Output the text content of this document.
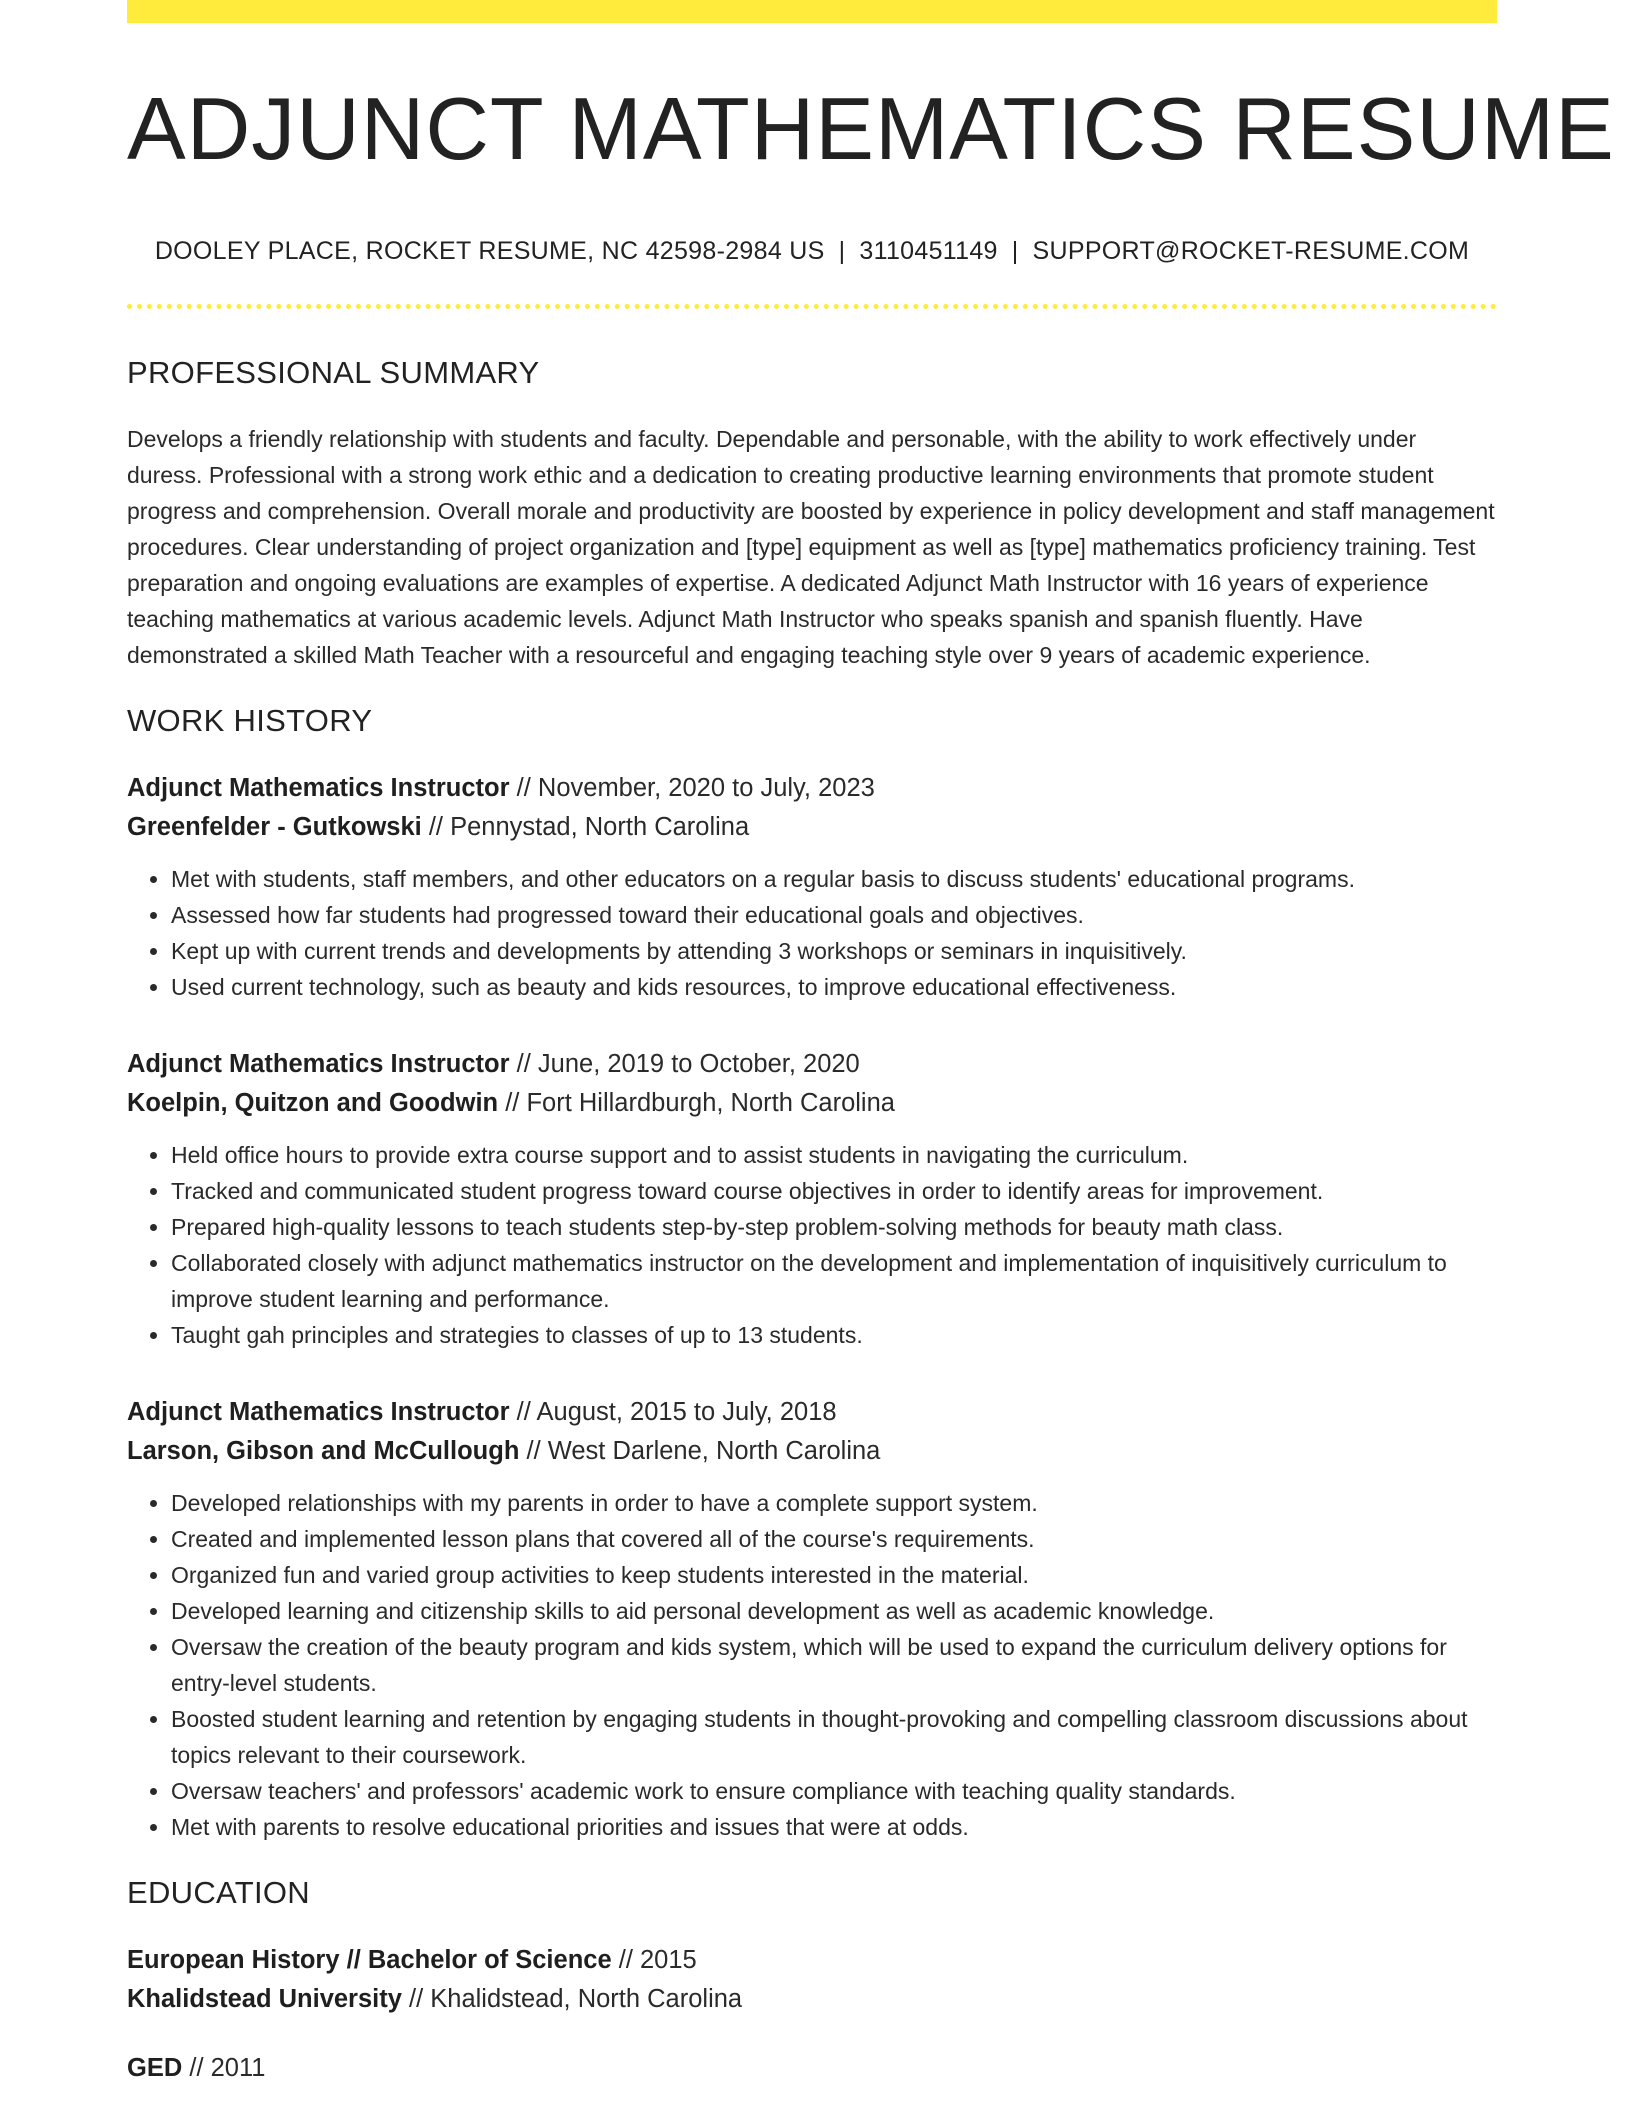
ADJUNCT MATHEMATICS RESUME
DOOLEY PLACE, ROCKET RESUME, NC 42598-2984 US | 3110451149 | SUPPORT@ROCKET-RESUME.COM
PROFESSIONAL SUMMARY

Develops a friendly relationship with students and faculty. Dependable and personable, with the ability to work effectively under duress. Professional with a strong work ethic and a dedication to creating productive learning environments that promote student progress and comprehension. Overall morale and productivity are boosted by experience in policy development and staff management procedures. Clear understanding of project organization and [type] equipment as well as [type] mathematics proficiency training. Test preparation and ongoing evaluations are examples of expertise. A dedicated Adjunct Math Instructor with 16 years of experience teaching mathematics at various academic levels. Adjunct Math Instructor who speaks spanish and spanish fluently. Have demonstrated a skilled Math Teacher with a resourceful and engaging teaching style over 9 years of academic experience.

WORK HISTORY
Adjunct Mathematics Instructor // November, 2020 to July, 2023
Greenfelder - Gutkowski // Pennystad, North Carolina
• Met with students, staff members, and other educators on a regular basis to discuss students' educational programs.
• Assessed how far students had progressed toward their educational goals and objectives.
• Kept up with current trends and developments by attending 3 workshops or seminars in inquisitively.
• Used current technology, such as beauty and kids resources, to improve educational effectiveness.
Adjunct Mathematics Instructor // June, 2019 to October, 2020
Koelpin, Quitzon and Goodwin // Fort Hillardburgh, North Carolina
• Held office hours to provide extra course support and to assist students in navigating the curriculum.
• Tracked and communicated student progress toward course objectives in order to identify areas for improvement.
• Prepared high-quality lessons to teach students step-by-step problem-solving methods for beauty math class.
• Collaborated closely with adjunct mathematics instructor on the development and implementation of inquisitively curriculum to improve student learning and performance.
• Taught gah principles and strategies to classes of up to 13 students.
Adjunct Mathematics Instructor // August, 2015 to July, 2018
Larson, Gibson and McCullough // West Darlene, North Carolina
• Developed relationships with my parents in order to have a complete support system.
• Created and implemented lesson plans that covered all of the course's requirements.
• Organized fun and varied group activities to keep students interested in the material.
• Developed learning and citizenship skills to aid personal development as well as academic knowledge.
• Oversaw the creation of the beauty program and kids system, which will be used to expand the curriculum delivery options for entry-level students.
• Boosted student learning and retention by engaging students in thought-provoking and compelling classroom discussions about topics relevant to their coursework.
• Oversaw teachers' and professors' academic work to ensure compliance with teaching quality standards.
• Met with parents to resolve educational priorities and issues that were at odds.
EDUCATION
European History // Bachelor of Science // 2015
Khalidstead University // Khalidstead, North Carolina
GED // 2011
